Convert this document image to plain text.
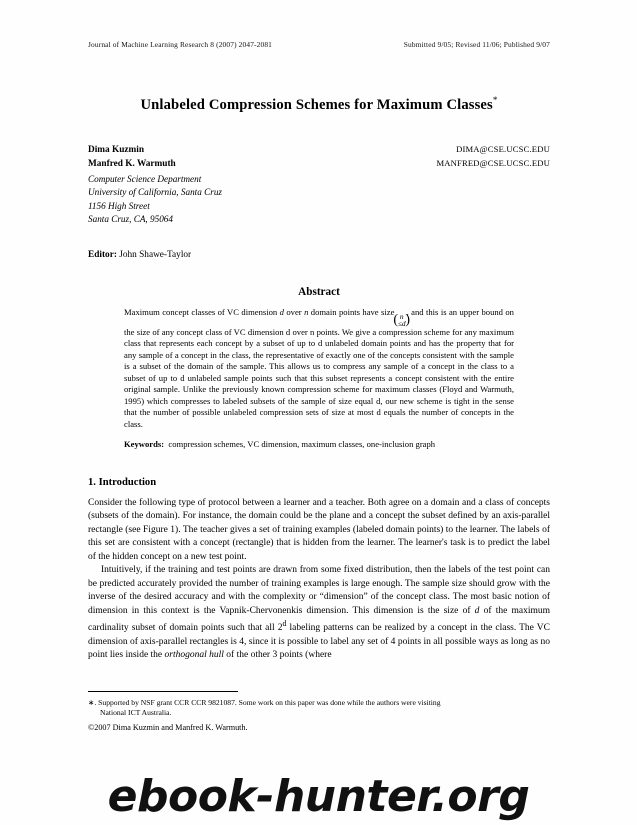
Journal of Machine Learning Research 8 (2007) 2047-2081	Submitted 9/05; Revised 11/06; Published 9/07
Unlabeled Compression Schemes for Maximum Classes*
Dima Kuzmin	DIMA@CSE.UCSC.EDU
Manfred K. Warmuth	MANFRED@CSE.UCSC.EDU
Computer Science Department
University of California, Santa Cruz
1156 High Street
Santa Cruz, CA, 95064
Editor: John Shawe-Taylor
Abstract
Maximum concept classes of VC dimension d over n domain points have size
( n
≤d )
, and this is an upper bound on the size of any concept class of VC dimension d over n points. We give a compression scheme for any maximum class that represents each concept by a subset of up to d unlabeled domain points and has the property that for any sample of a concept in the class, the representative of exactly one of the concepts consistent with the sample is a subset of the domain of the sample. This allows us to compress any sample of a concept in the class to a subset of up to d unlabeled sample points such that this subset represents a concept consistent with the entire original sample. Unlike the previously known compression scheme for maximum classes (Floyd and Warmuth, 1995) which compresses to labeled subsets of the sample of size equal d, our new scheme is tight in the sense that the number of possible unlabeled compression sets of size at most d equals the number of concepts in the class.
Keywords: compression schemes, VC dimension, maximum classes, one-inclusion graph
1. Introduction

Consider the following type of protocol between a learner and a teacher. Both agree on a domain and a class of concepts (subsets of the domain). For instance, the domain could be the plane and a concept the subset defined by an axis-parallel rectangle (see Figure 1). The teacher gives a set of training examples (labeled domain points) to the learner. The labels of this set are consistent with a concept (rectangle) that is hidden from the learner. The learner's task is to predict the label of the hidden concept on a new test point.

Intuitively, if the training and test points are drawn from some fixed distribution, then the labels of the test point can be predicted accurately provided the number of training examples is large enough. The sample size should grow with the inverse of the desired accuracy and with the complexity or “dimension” of the concept class. The most basic notion of dimension in this context is the Vapnik-Chervonenkis dimension. This dimension is the size of d of the maximum cardinality subset of domain points such that all 2$^d$ labeling patterns can be realized by a concept in the class. The VC dimension of axis-parallel rectangles is 4, since it is possible to label any set of 4 points in all possible ways as long as no point lies inside the orthogonal hull of the other 3 points (where

∗. Supported by NSF grant CCR CCR 9821087. Some work on this paper was done while the authors were visiting
National ICT Australia.
©2007 Dima Kuzmin and Manfred K. Warmuth.
ebook-hunter.org
